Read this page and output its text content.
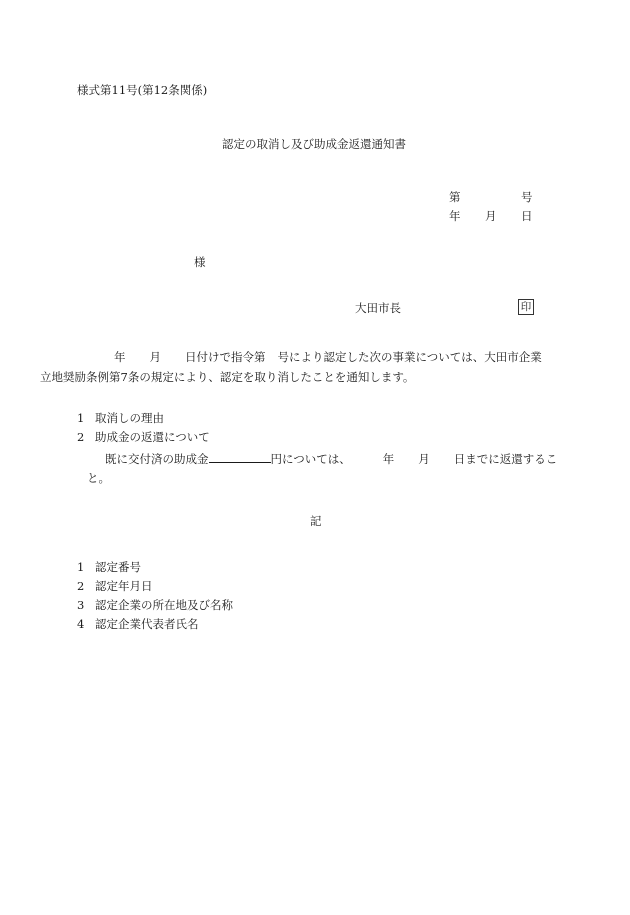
様式第11号(第12条関係)
認定の取消し及び助成金返還通知書
第	号
年 月 日
様
大田市長	印
年 月 日付けで指令第 号により認定した次の事業については、大田市企業
立地奨励条例第7条の規定により、認定を取り消したことを通知します。
1 取消しの理由
2 助成金の返還について
既に交付済の助成金	円については、	年 月 日までに返還するこ
と。
記
1 認定番号
2 認定年月日
3 認定企業の所在地及び名称
4 認定企業代表者氏名
